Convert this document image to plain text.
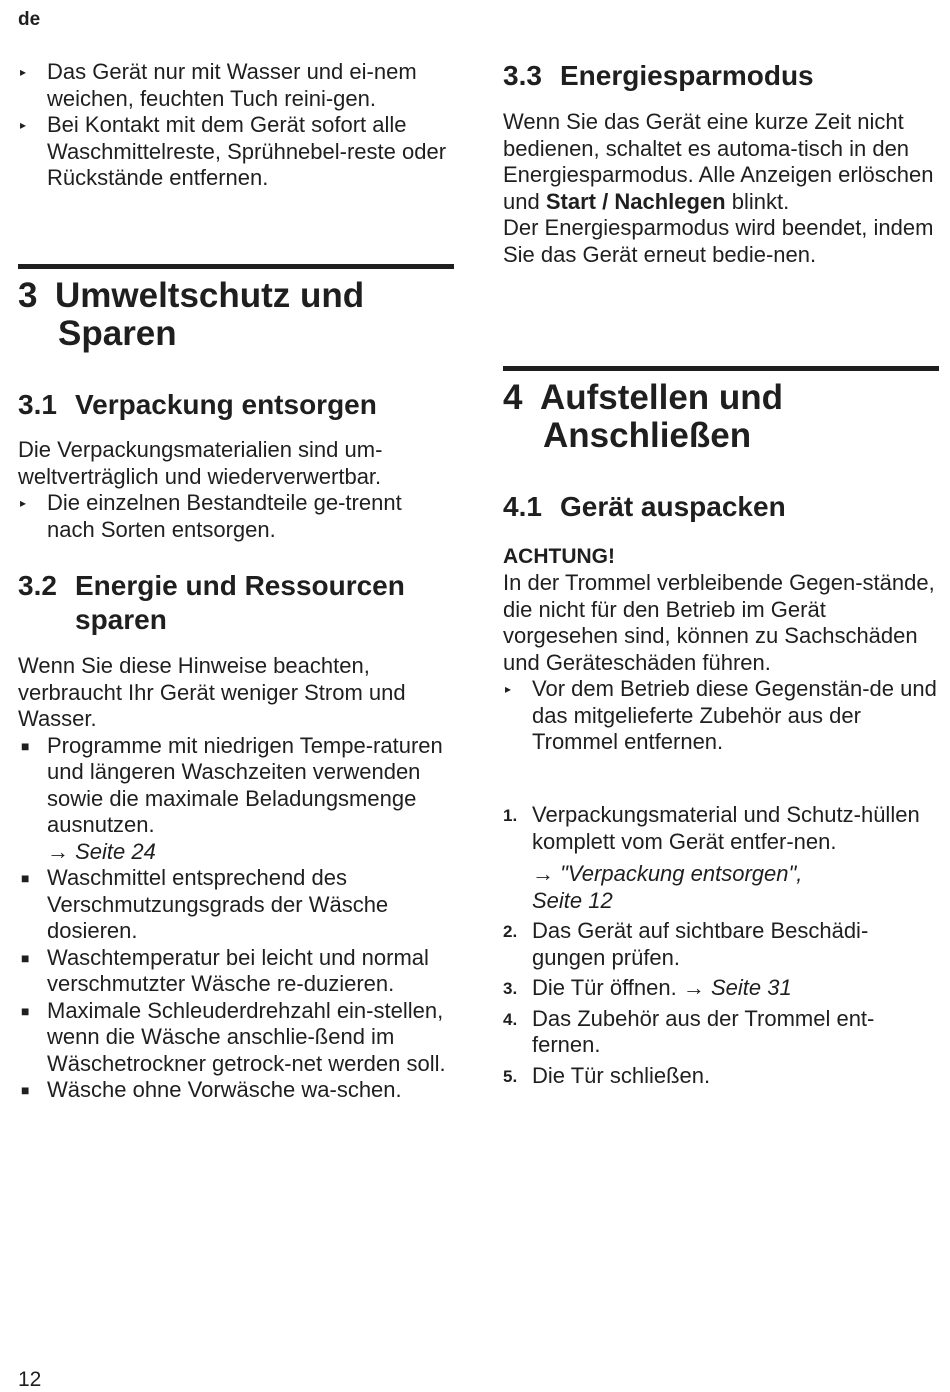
de

▸ Das Gerät nur mit Wasser und ei-nem weichen, feuchten Tuch reini-gen.

▸ Bei Kontakt mit dem Gerät sofort alle Waschmittelreste, Sprühnebel-reste oder Rückstände entfernen.

3 Umweltschutz und
Sparen
3.1 Verpackung entsorgen

Die Verpackungsmaterialien sind um-weltverträglich und wiederverwertbar.

▸ Die einzelnen Bestandteile ge-trennt nach Sorten entsorgen.

3.2 Energie und Ressourcen
sparen

Wenn Sie diese Hinweise beachten, verbraucht Ihr Gerät weniger Strom und Wasser.

■ Programme mit niedrigen Tempe-raturen und längeren Waschzeiten verwenden sowie die maximale Beladungsmenge ausnutzen.
→ Seite 24

■ Waschmittel entsprechend des Verschmutzungsgrads der Wäsche dosieren.

■ Waschtemperatur bei leicht und normal verschmutzter Wäsche re-duzieren.

■ Maximale Schleuderdrehzahl ein-stellen, wenn die Wäsche anschlie-ßend im Wäschetrockner getrock-net werden soll.

■ Wäsche ohne Vorwäsche wa-schen.

3.3 Energiesparmodus

Wenn Sie das Gerät eine kurze Zeit nicht bedienen, schaltet es automa-tisch in den Energiesparmodus. Alle Anzeigen erlöschen und Start / Nachlegen blinkt.

Der Energiesparmodus wird beendet, indem Sie das Gerät erneut bedie-nen.

4 Aufstellen und
Anschließen
4.1 Gerät auspacken

ACHTUNG!

In der Trommel verbleibende Gegen-stände, die nicht für den Betrieb im Gerät vorgesehen sind, können zu Sachschäden und Geräteschäden führen.

▸ Vor dem Betrieb diese Gegenstän-de und das mitgelieferte Zubehör aus der Trommel entfernen.

1. Verpackungsmaterial und Schutz-hüllen komplett vom Gerät entfer-nen.

→ "Verpackung entsorgen",
Seite 12

2. Das Gerät auf sichtbare Beschädi-gungen prüfen.

3. Die Tür öffnen. → Seite 31

4. Das Zubehör aus der Trommel ent-fernen.

5. Die Tür schließen.

12
